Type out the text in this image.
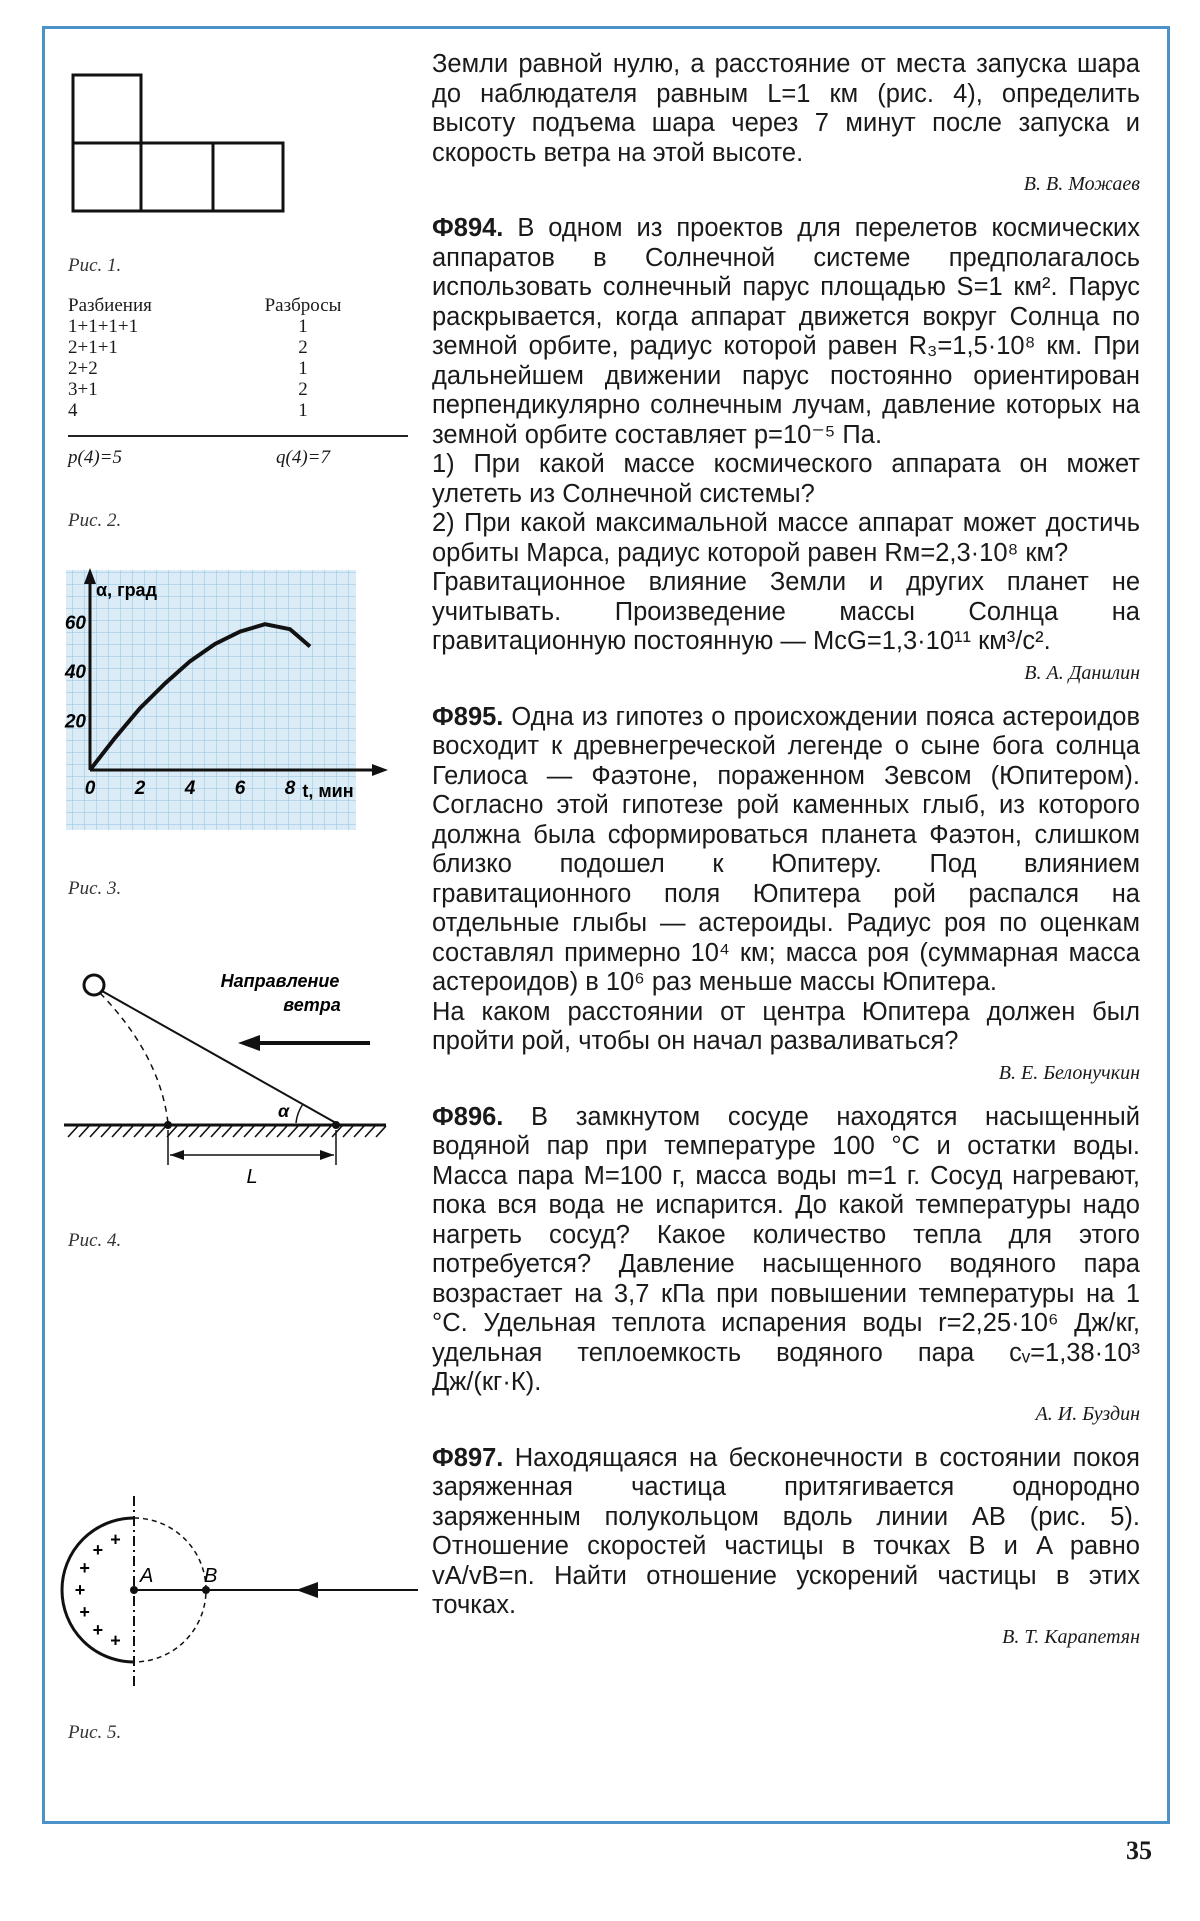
Рис. 1.
Разбиения	Разбросы
1+1+1+1	1
2+1+1	2
2+2	1
3+1	2
4	1
p(4)=5	q(4)=7
Рис. 2.
0 2 4 6 8
20
40
60
α, град
t, мин
Рис. 3.
Направление
ветра
α
L
Рис. 4.
+
+
+
+
+
+
+
A	B
Рис. 5.

Земли равной нулю, а расстояние от места запуска шара до наблюдателя равным L=1 км (рис. 4), определить высоту подъема шара через 7 минут после запуска и скорость ветра на этой высоте.

В. В. Можаев

Ф894. В одном из проектов для перелетов космических аппаратов в Солнечной системе предполагалось использовать солнечный парус площадью S=1 км². Парус раскрывается, когда аппарат движется вокруг Солнца по земной орбите, радиус которой равен R₃=1,5·10⁸ км. При дальнейшем движении парус постоянно ориентирован перпендикулярно солнечным лучам, давление которых на земной орбите составляет p=10⁻⁵ Па.

1) При какой массе космического аппарата он может улететь из Солнечной системы?

2) При какой максимальной массе аппарат может достичь орбиты Марса, радиус которой равен Rм=2,3·10⁸ км?

Гравитационное влияние Земли и других планет не учитывать. Произведение массы Солнца на гравитационную постоянную — McG=1,3·10¹¹ км³/с².

В. А. Данилин

Ф895. Одна из гипотез о происхождении пояса астероидов восходит к древнегреческой легенде о сыне бога солнца Гелиоса — Фаэтоне, пораженном Зевсом (Юпитером). Согласно этой гипотезе рой каменных глыб, из которого должна была сформироваться планета Фаэтон, слишком близко подошел к Юпитеру. Под влиянием гравитационного поля Юпитера рой распался на отдельные глыбы — астероиды. Радиус роя по оценкам составлял примерно 10⁴ км; масса роя (суммарная масса астероидов) в 10⁶ раз меньше массы Юпитера.

На каком расстоянии от центра Юпитера должен был пройти рой, чтобы он начал разваливаться?

В. Е. Белонучкин

Ф896. В замкнутом сосуде находятся насыщенный водяной пар при температуре 100 °С и остатки воды. Масса пара M=100 г, масса воды m=1 г. Сосуд нагревают, пока вся вода не испарится. До какой температуры надо нагреть сосуд? Какое количество тепла для этого потребуется? Давление насыщенного водяного пара возрастает на 3,7 кПа при повышении температуры на 1 °С. Удельная теплота испарения воды r=2,25·10⁶ Дж/кг, удельная теплоемкость водяного пара cᵥ=1,38·10³ Дж/(кг·К).

А. И. Буздин

Ф897. Находящаяся на бесконечности в состоянии покоя заряженная частица притягивается однородно заряженным полукольцом вдоль линии AB (рис. 5). Отношение скоростей частицы в точках B и A равно vA/vB=n. Найти отношение ускорений частицы в этих точках.

В. Т. Карапетян
35
